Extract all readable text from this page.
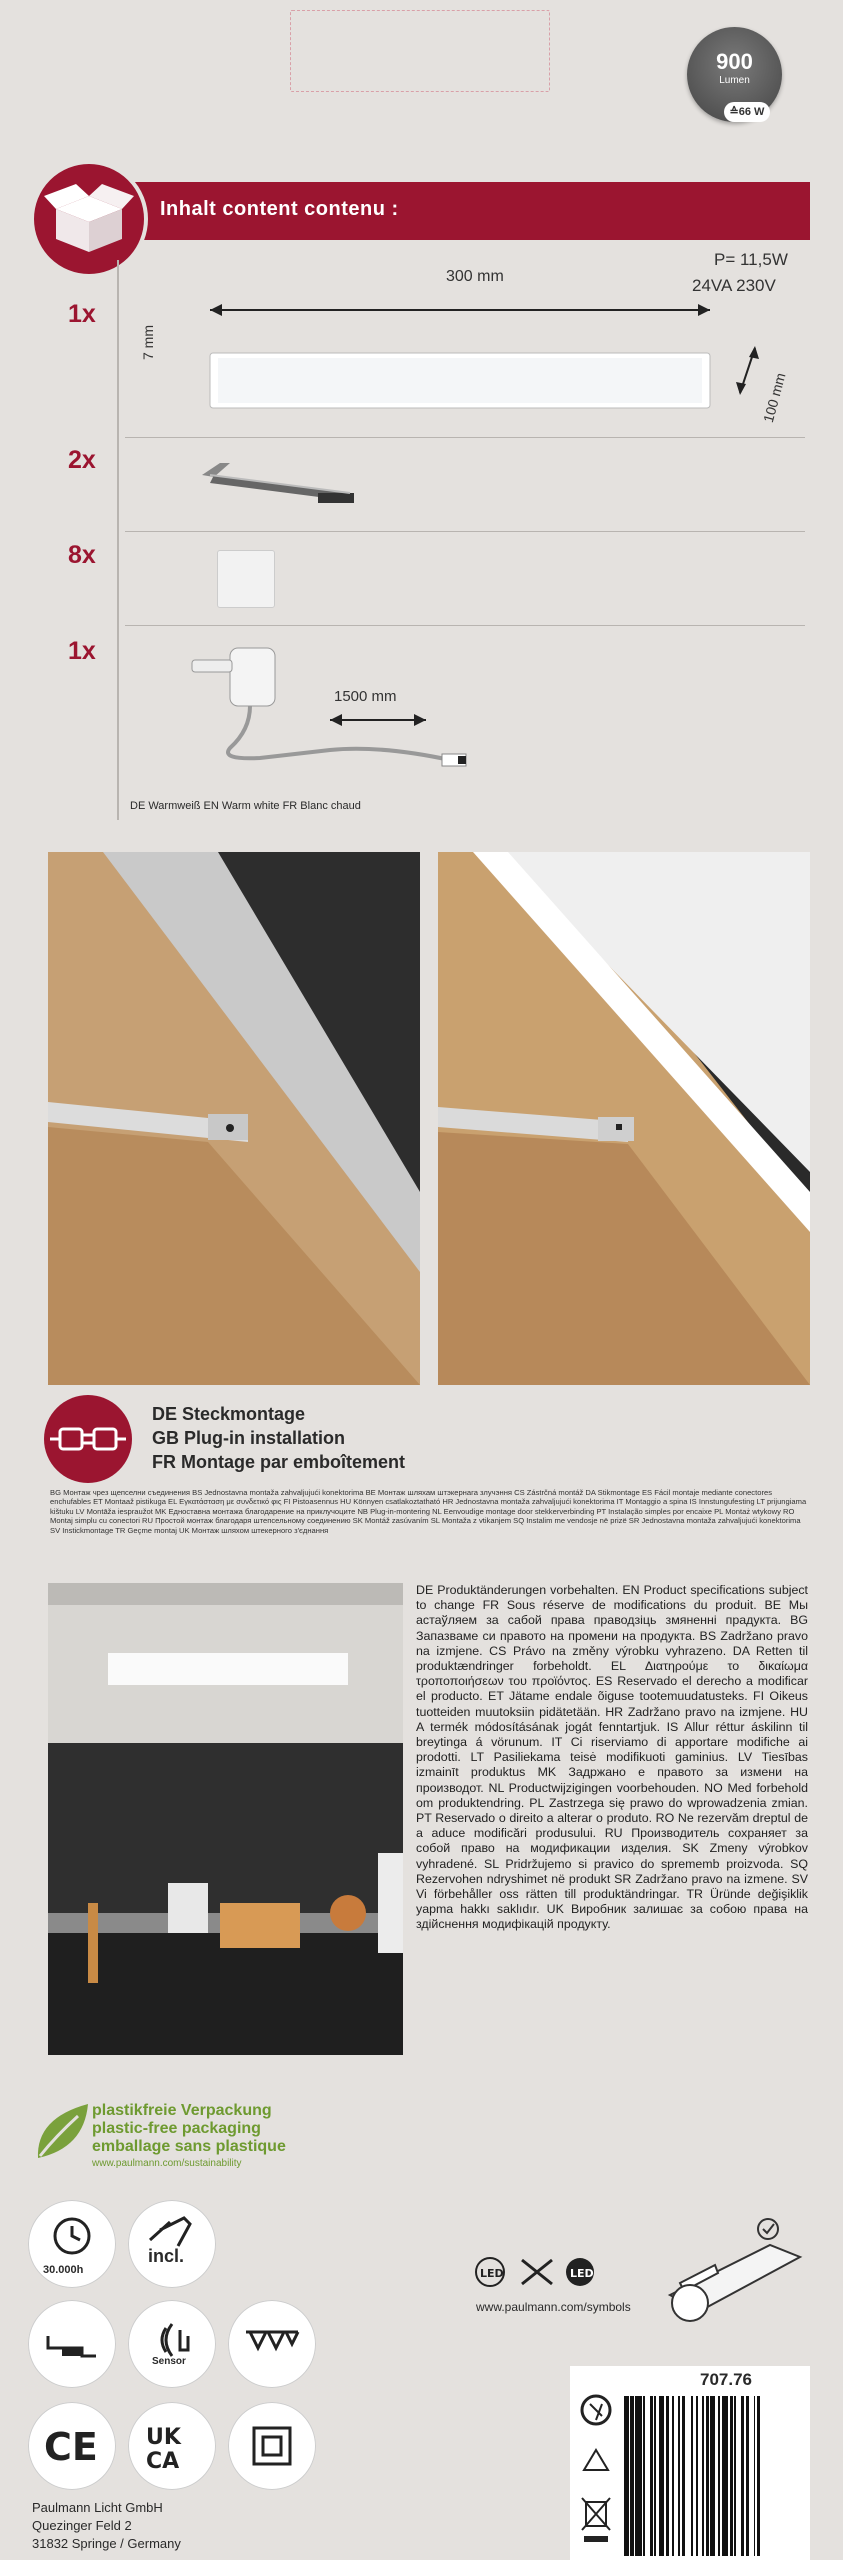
900
Lumen
≙66 W
Inhalt content contenu :
1x
300 mm
P= 11,5W
24VA 230V
7 mm
100 mm
2x
8x
1x
1500 mm
DE Warmweiß EN Warm white FR Blanc chaud
DE Steckmontage
GB Plug-in installation
FR Montage par emboîtement
BG Монтаж чрез щепселни съединения BS Jednostavna montaža zahvaljujući konektorima BE Монтаж шляхам штэкернага злучэння CS Zástrčná montáž DA Stikmontage ES Fácil montaje mediante conectores enchufables ET Montaaž pistikuga EL Εγκατάσταση με συνδετικό φις FI Pistoasennus HU Könnyen csatlakoztatható HR Jednostavna montaža zahvaljujući konektorima IT Montaggio a spina IS Innstungufesting LT prijungiama kištuku LV Montāža iespraužot MK Едноставна монтажа благодарение на приклучоците NB Plug-in-montering NL Eenvoudige montage door stekkerverbinding PT Instalação simples por encaixe PL Montaż wtykowy RO Montaj simplu cu conectori RU Простой монтаж благодаря штепсельному соединению SK Montáž zasúvaním SL Montaža z vtikanjem SQ Instalim me vendosje në prizë SR Jednostavna montaža zahvaljujući konektorima SV Instickmontage TR Geçme montaj UK Монтаж шляхом штекерного з'єднання
DE Produktänderungen vorbehalten. EN Product specifications subject to change FR Sous réserve de modifications du produit. BE Мы астаўляем за сабой права праводзіць змяненні прадукта. BG Запазваме си правото на промени на продукта. BS Zadržano pravo na izmjene. CS Právo na změny výrobku vyhrazeno. DA Retten til produktændringer forbeholdt. EL Διατηρούμε το δικαίωμα τροποποιήσεων του προϊόντος. ES Reservado el derecho a modificar el producto. ET Jätame endale õiguse tootemuudatusteks. FI Oikeus tuotteiden muutoksiin pidätetään. HR Zadržano pravo na izmjene. HU A termék módosításának jogát fenntartjuk. IS Allur réttur áskilinn til breytinga á vörunum. IT Ci riserviamo di apportare modifiche ai prodotti. LT Pasiliekama teisė modifikuoti gaminius. LV Tiesības izmainīt produktus MK Задржано е правото за измени на производот. NL Productwijzigingen voorbehouden. NO Med forbehold om produktendring. PL Zastrzega się prawo do wprowadzenia zmian. PT Reservado o direito a alterar o produto. RO Ne rezervăm dreptul de a aduce modificări produsului. RU Производитель сохраняет за собой право на модификации изделия. SK Zmeny výrobkov vyhradené. SL Pridržujemo si pravico do sprememb proizvoda. SQ Rezervohen ndryshimet në produkt SR Zadržano pravo na izmene. SV Vi förbehåller oss rätten till produktändringar. TR Üründe değişiklik yapma hakkı saklıdır. UK Виробник залишає за собою права на здійснення модифікацій продукту.
plastikfreie Verpackung
plastic-free packaging
emballage sans plastique
www.paulmann.com/sustainability
30.000h
incl.
Sensor
CE UK
CA
Paulmann Licht GmbH
Quezinger Feld 2
31832 Springe / Germany
LED	LED
www.paulmann.com/symbols
707.76
